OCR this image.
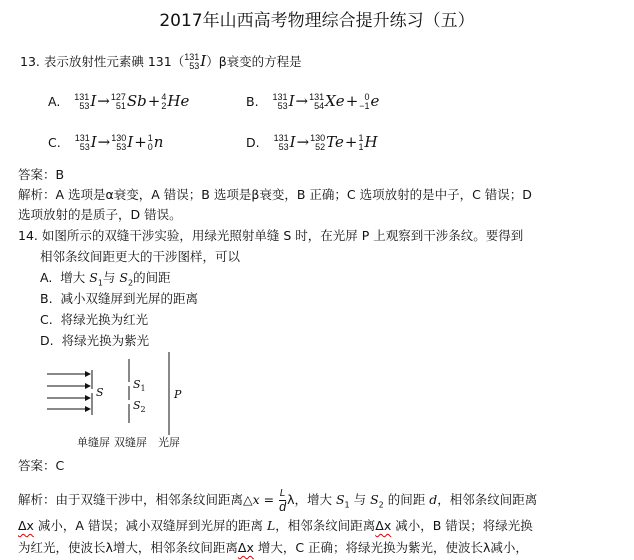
2017年山西高考物理综合提升练习（五）
13. 表示放射性元素碘 131（ 131
53 I）β衰变的方程是
A. 131
53 I→ 127
51 Sb+ 4
2 He	B. 131
53 I→ 131
54 Xe+ 0
−1 e
C. 131
53 I→ 130
53 I+ 1
0 n	D. 131
53 I→ 130
52 Te+ 1
1 H
答案：B
解析：A 选项是α衰变，A 错误；B 选项是β衰变，B 正确；C 选项放射的是中子，C 错误；D
选项放射的是质子，D 错误。
14. 如图所示的双缝干涉实验，用绿光照射单缝 S 时，在光屏 P 上观察到干涉条纹。要得到
相邻条纹间距更大的干涉图样，可以
A. 增大 $S_1$与 $S_2$的间距
B. 减小双缝屏到光屏的距离
C. 将绿光换为红光
D. 将绿光换为紫光
S
$S_1$
$S_2$
P
单缝屏 双缝屏 光屏
答案：C
解析：由于双缝干涉中，相邻条纹间距离△x = $\frac{L}{d}$ λ，增大 $S_1$ 与 $S_2$ 的间距 d，相邻条纹间距离
Δx 减小，A 错误；减小双缝屏到光屏的距离 L，相邻条纹间距离Δx 减小，B 错误；将绿光换
为红光，使波长λ增大，相邻条纹间距离Δx 增大，C 正确；将绿光换为紫光，使波长λ减小，
